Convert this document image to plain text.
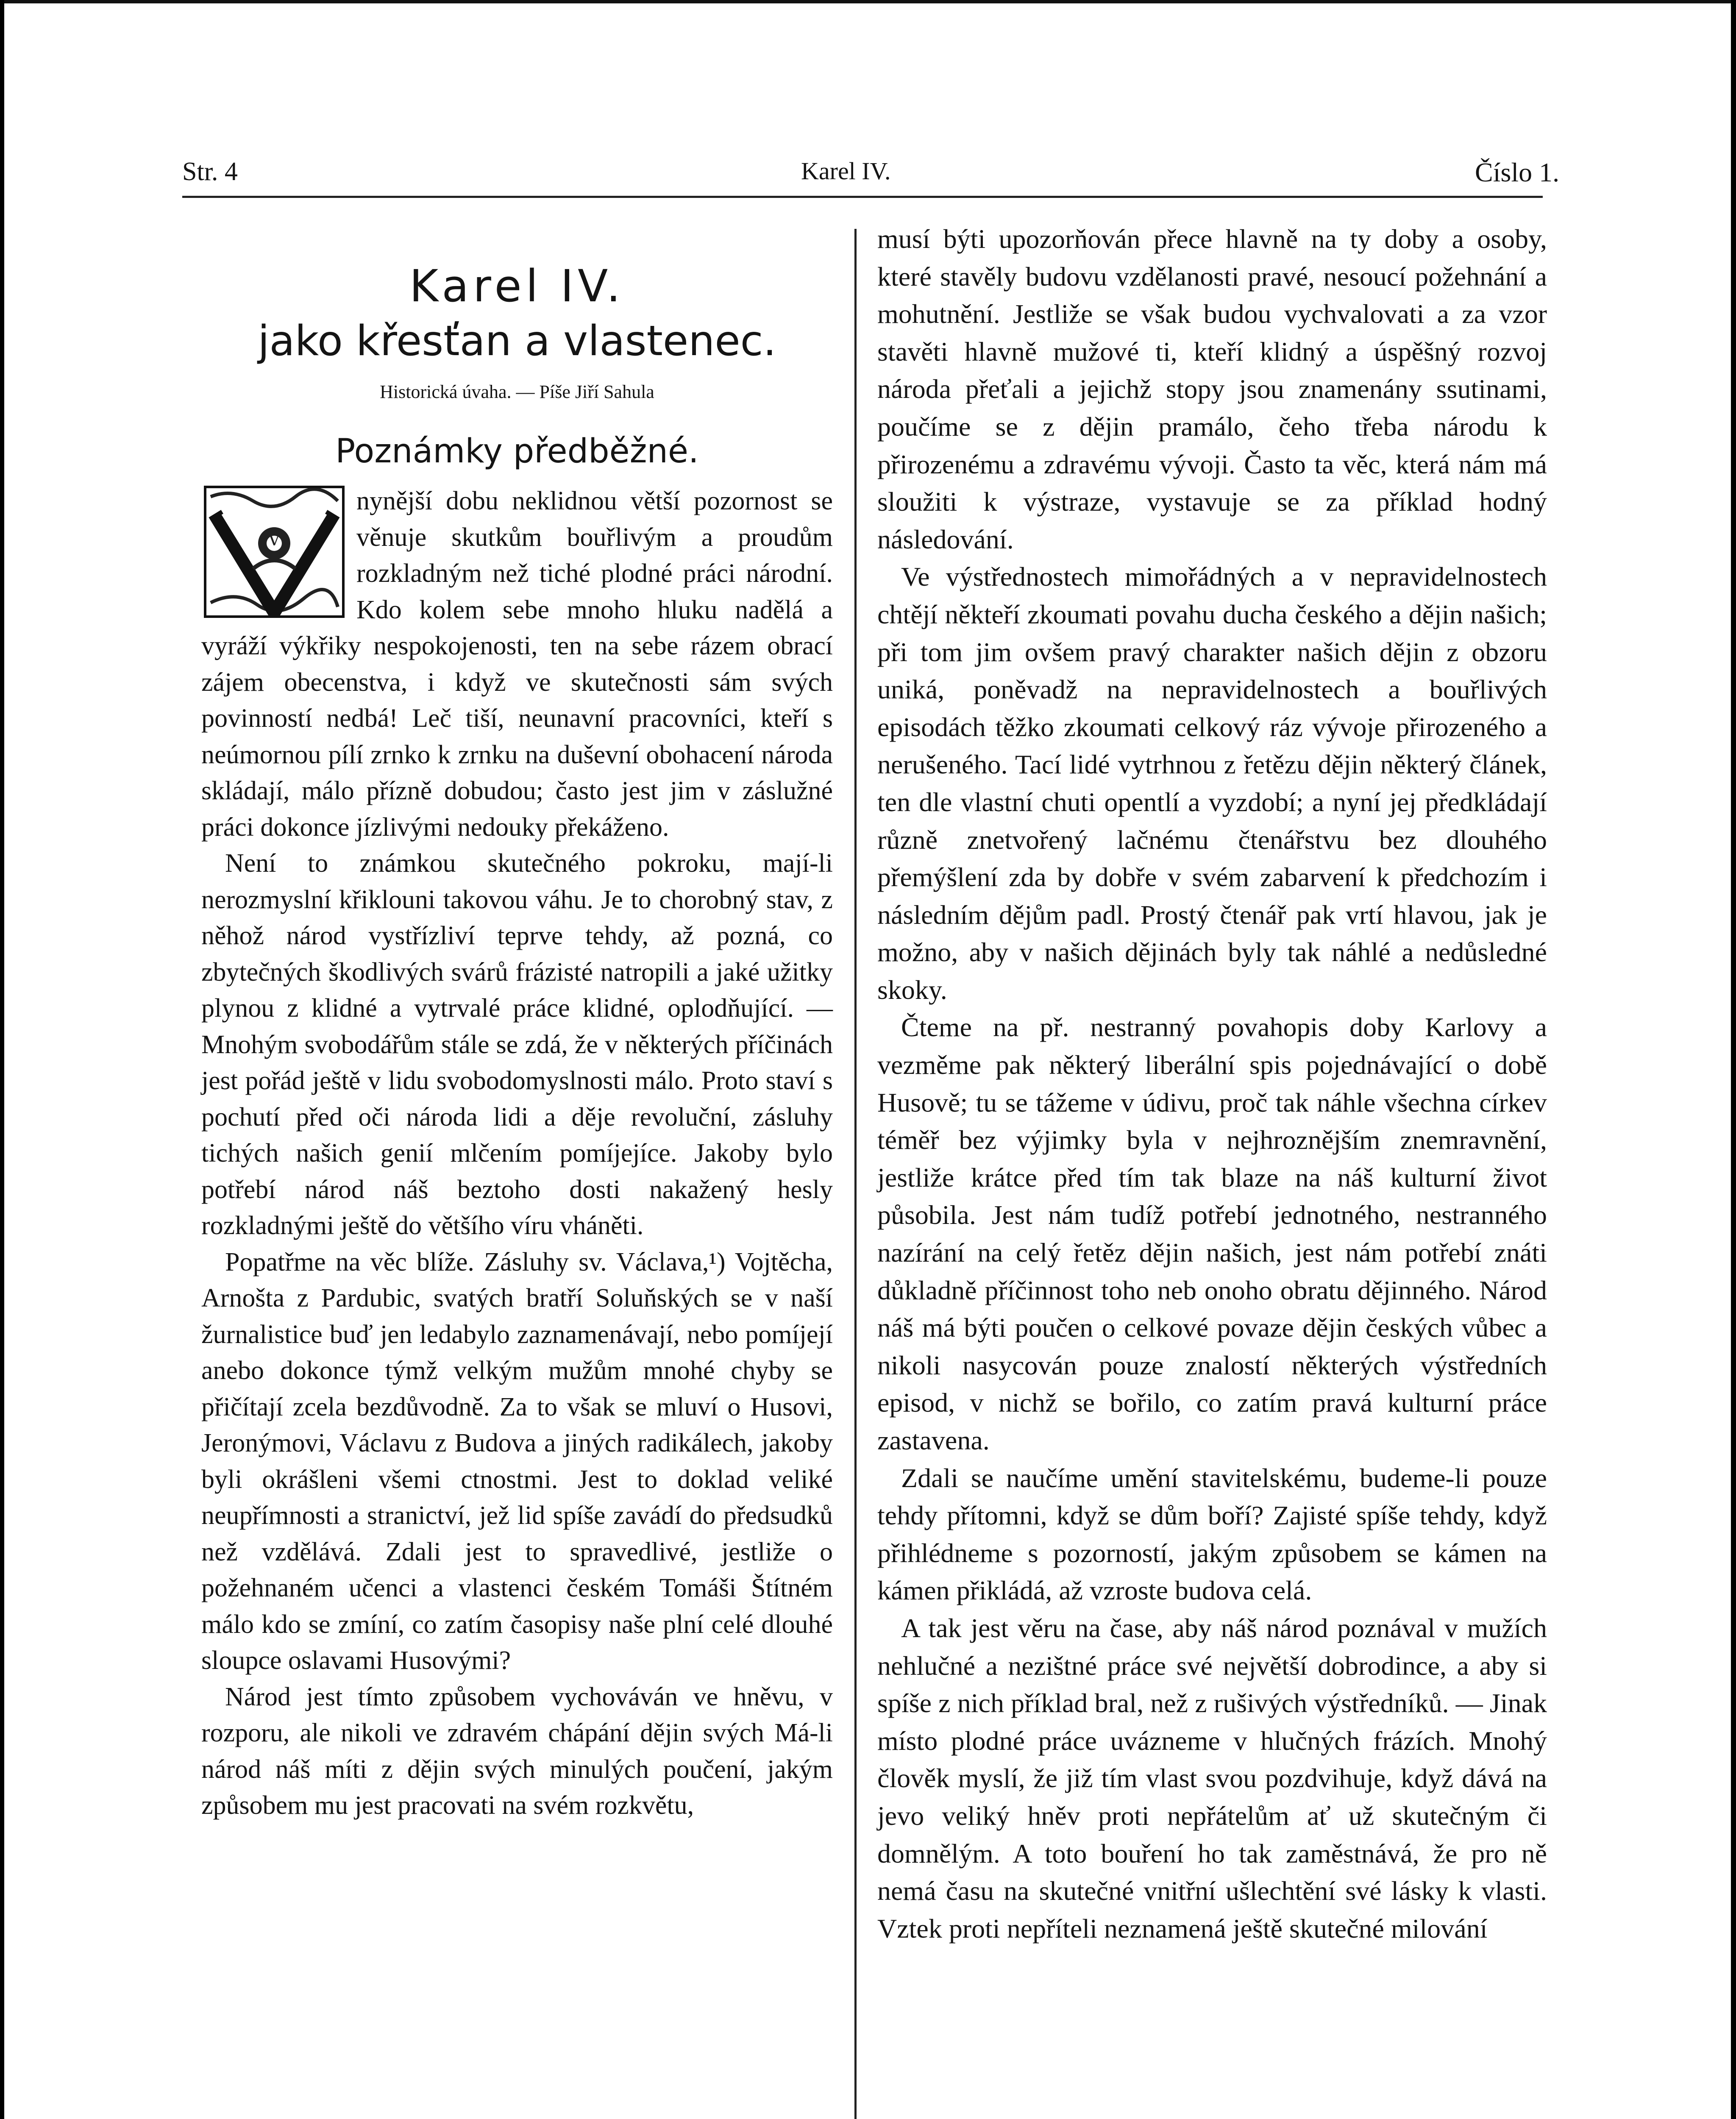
Str. 4	Karel IV.	Číslo 1.
Karel IV.
jako křesťan a vlastenec.
Historická úvaha. — Píše Jiří Sahula
Poznámky předběžné.
V

nynější dobu neklidnou větší pozornost se věnuje skutkům bouřlivým a proudům rozkladným než tiché plodné práci národní. Kdo kolem sebe mnoho hluku nadělá a vyráží výkřiky nespokojenosti, ten na sebe rázem obrací zájem obecenstva, i když ve skutečnosti sám svých povinností nedbá! Leč tiší, neunavní pracovníci, kteří s neúmornou pílí zrnko k zrnku na duševní obohacení národa skládají, málo přízně dobudou; často jest jim v záslužné práci dokonce jízlivými nedouky překáženo.

Není to známkou skutečného pokroku, mají-li nerozmyslní křiklouni takovou váhu. Je to chorobný stav, z něhož národ vystřízliví teprve tehdy, až pozná, co zbytečných škodlivých svárů frázisté natropili a jaké užitky plynou z klidné a vytrvalé práce klidné, oplodňující. — Mnohým svobodářům stále se zdá, že v některých příčinách jest pořád ještě v lidu svobodomyslnosti málo. Proto staví s pochutí před oči národa lidi a děje revoluční, zásluhy tichých našich genií mlčením pomíjejíce. Jakoby bylo potřebí národ náš beztoho dosti nakažený hesly rozkladnými ještě do většího víru vháněti.

Popatřme na věc blíže. Zásluhy sv. Václava,¹) Vojtěcha, Arnošta z Pardubic, svatých bratří Soluňských se v naší žurnalistice buď jen ledabylo zaznamenávají, nebo pomíjejí anebo dokonce týmž velkým mužům mnohé chyby se přičítají zcela bezdůvodně. Za to však se mluví o Husovi, Jeronýmovi, Václavu z Budova a jiných radikálech, jakoby byli okrášleni všemi ctnostmi. Jest to doklad veliké neupřímnosti a stranictví, jež lid spíše zavádí do předsudků než vzdělává. Zdali jest to spravedlivé, jestliže o požehnaném učenci a vlastenci českém Tomáši Štítném málo kdo se zmíní, co zatím časopisy naše plní celé dlouhé sloupce oslavami Husovými?

Národ jest tímto způsobem vychováván ve hněvu, v rozporu, ale nikoli ve zdravém chápání dějin svých Má-li národ náš míti z dějin svých minulých poučení, jakým způsobem mu jest pracovati na svém rozkvětu,

musí býti upozorňován přece hlavně na ty doby a osoby, které stavěly budovu vzdělanosti pravé, nesoucí požehnání a mohutnění. Jestliže se však budou vychvalovati a za vzor stavěti hlavně mužové ti, kteří klidný a úspěšný rozvoj národa přeťali a jejichž stopy jsou znamenány ssutinami, poučíme se z dějin pramálo, čeho třeba národu k přirozenému a zdravému vývoji. Často ta věc, která nám má sloužiti k výstraze, vystavuje se za příklad hodný následování.

Ve výstřednostech mimořádných a v nepravidelnostech chtějí někteří zkoumati povahu ducha českého a dějin našich; při tom jim ovšem pravý charakter našich dějin z obzoru uniká, poněvadž na nepravidelnostech a bouřlivých episodách těžko zkoumati celkový ráz vývoje přirozeného a nerušeného. Tací lidé vytrhnou z řetězu dějin některý článek, ten dle vlastní chuti opentlí a vyzdobí; a nyní jej předkládají různě znetvořený lačnému čtenářstvu bez dlouhého přemýšlení zda by dobře v svém zabarvení k předchozím i následním dějům padl. Prostý čtenář pak vrtí hlavou, jak je možno, aby v našich dějinách byly tak náhlé a nedůsledné skoky.

Čteme na př. nestranný povahopis doby Karlovy a vezměme pak některý liberální spis pojednávající o době Husově; tu se tážeme v údivu, proč tak náhle všechna církev téměř bez výjimky byla v nejhroznějším znemravnění, jestliže krátce před tím tak blaze na náš kulturní život působila. Jest nám tudíž potřebí jednotného, nestranného nazírání na celý řetěz dějin našich, jest nám potřebí znáti důkladně příčinnost toho neb onoho obratu dějinného. Národ náš má býti poučen o celkové povaze dějin českých vůbec a nikoli nasycován pouze znalostí některých výstředních episod, v nichž se bořilo, co zatím pravá kulturní práce zastavena.

Zdali se naučíme umění stavitelskému, budeme-li pouze tehdy přítomni, když se dům boří? Zajisté spíše tehdy, když přihlédneme s pozorností, jakým způsobem se kámen na kámen přikládá, až vzroste budova celá.

A tak jest věru na čase, aby náš národ poznával v mužích nehlučné a nezištné práce své největší dobrodince, a aby si spíše z nich příklad bral, než z rušivých výstředníků. — Jinak místo plodné práce uvázneme v hlučných frázích. Mnohý člověk myslí, že již tím vlast svou pozdvihuje, když dává na jevo veliký hněv proti nepřátelům ať už skutečným či domnělým. A toto bouření ho tak zaměstnává, že pro ně nemá času na skutečné vnitřní ušlechtění své lásky k vlasti. Vztek proti nepříteli neznamená ještě skutečné milování
